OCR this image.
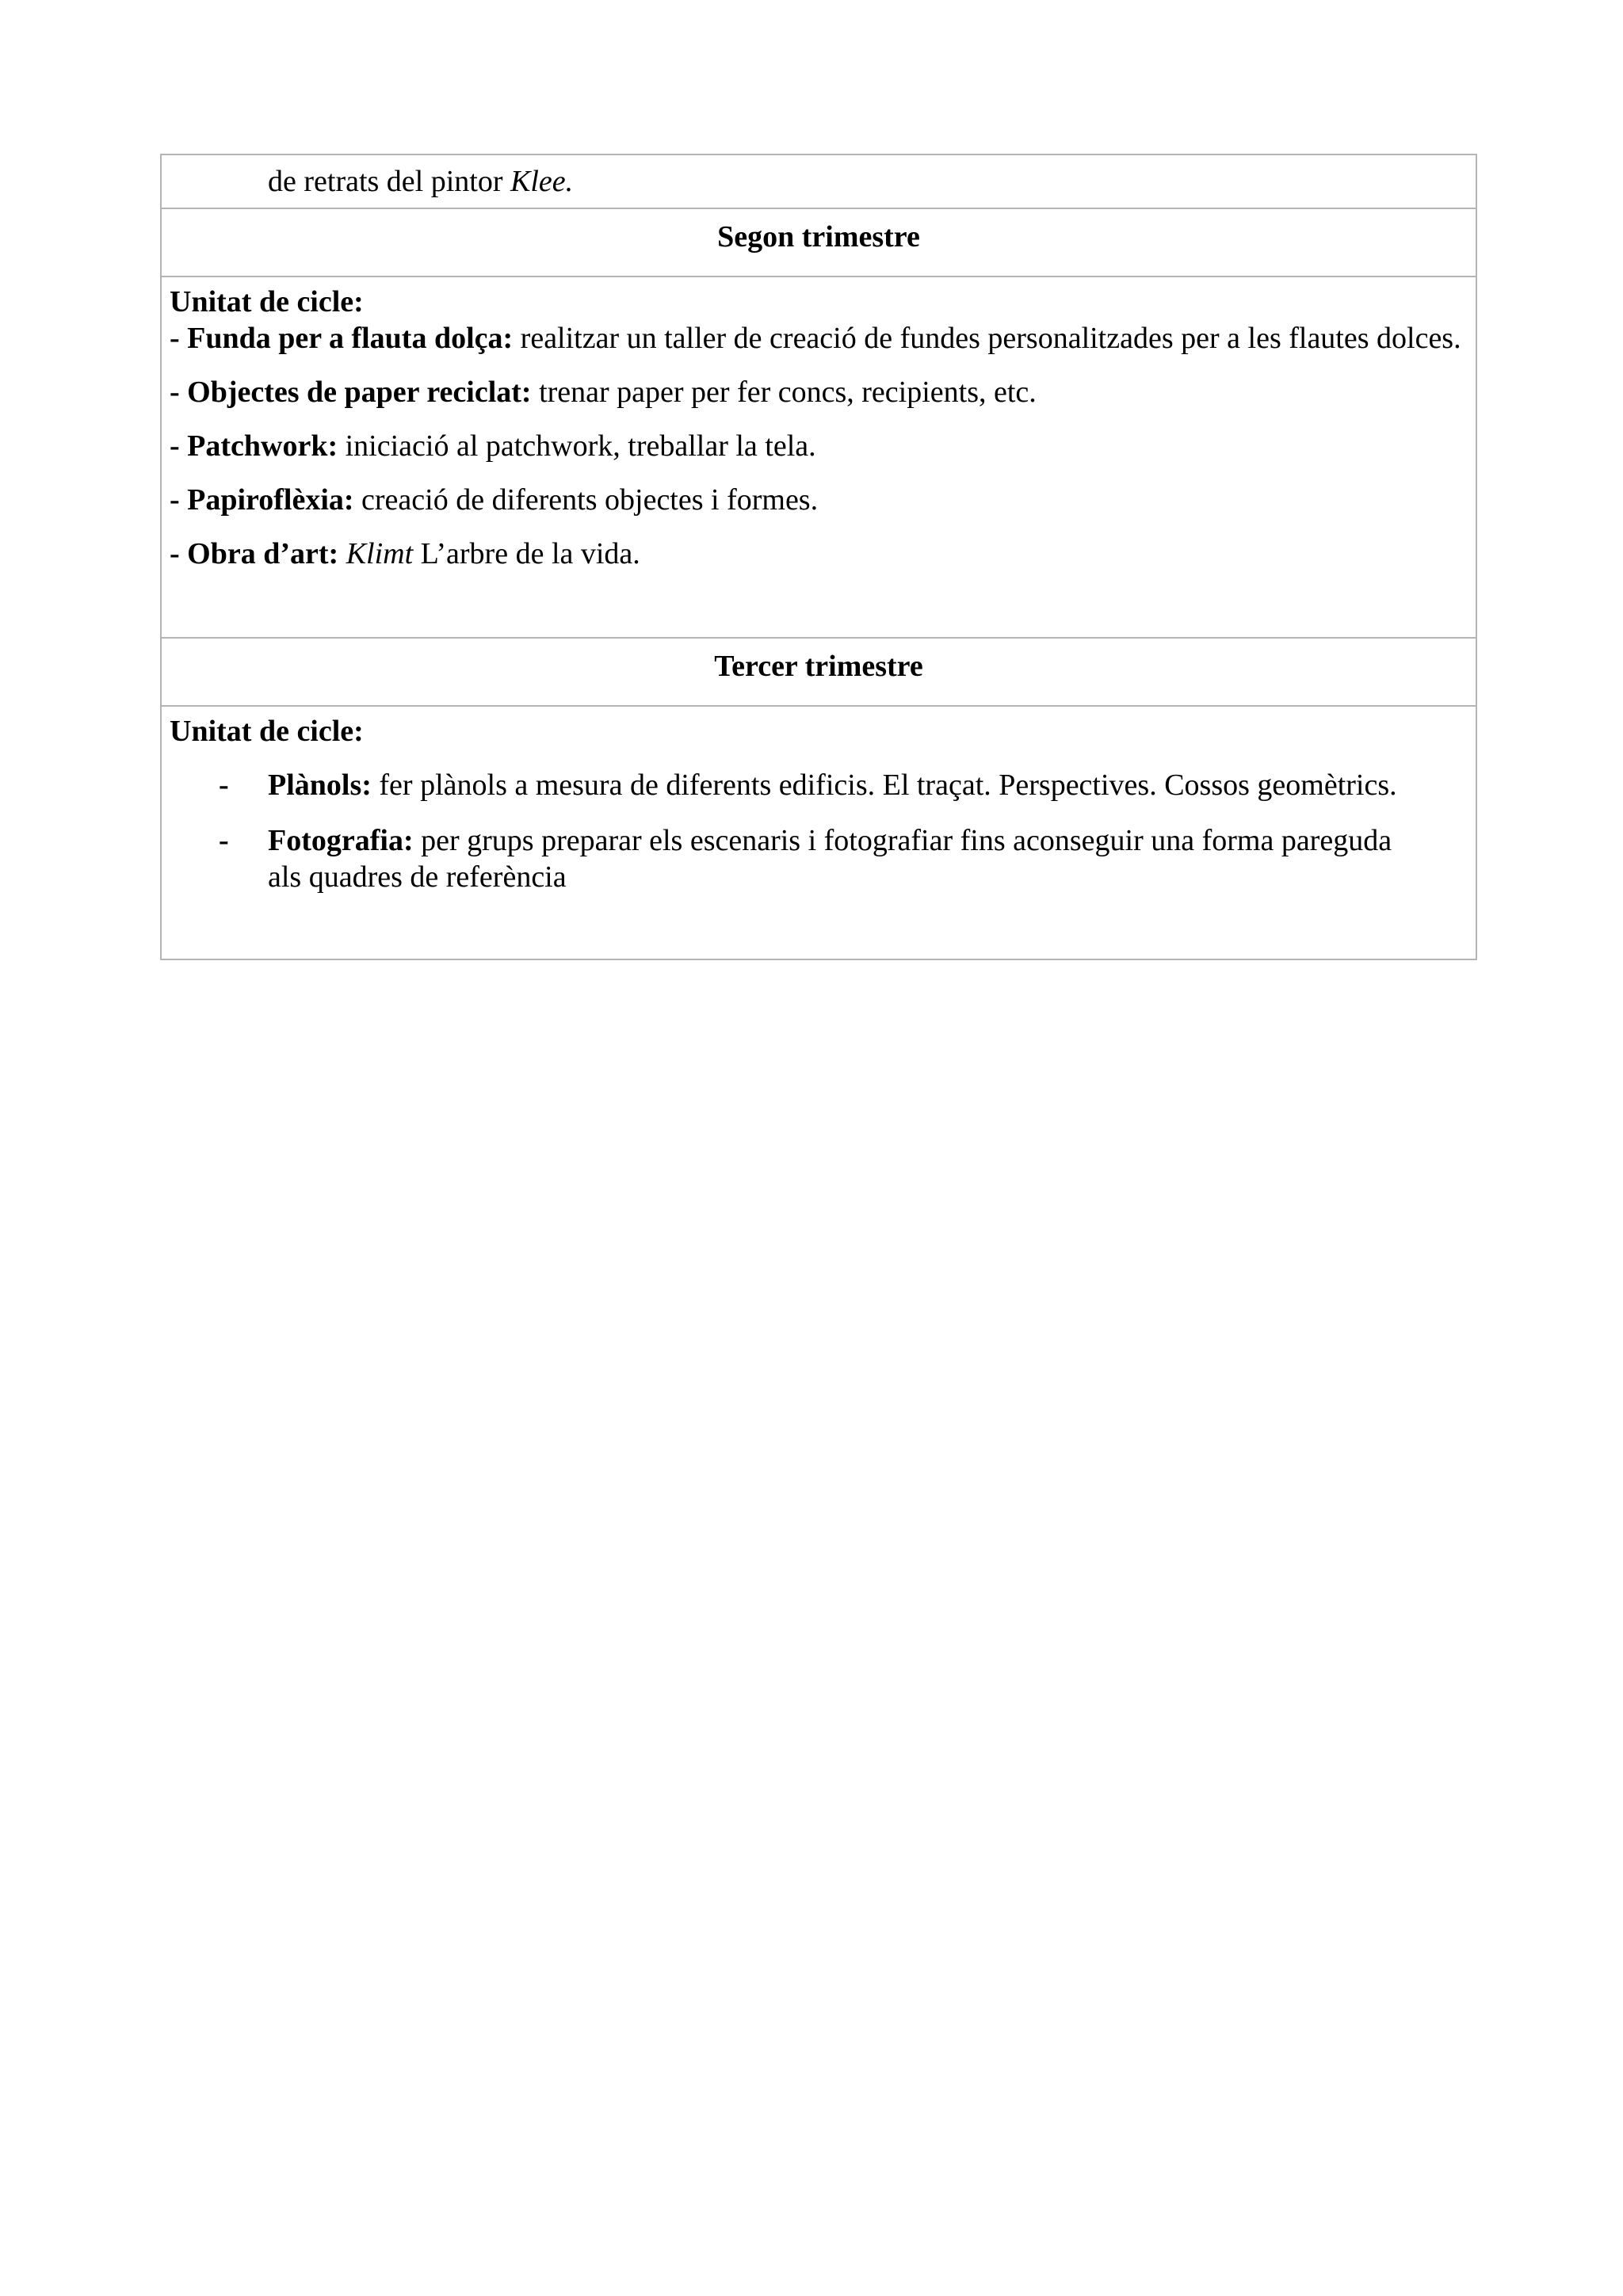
de retrats del pintor Klee.
Segon trimestre

Unitat de cicle:

- Funda per a flauta dolça: realitzar un taller de creació de fundes personalitzades per a les flautes dolces.

- Objectes de paper reciclat: trenar paper per fer concs, recipients, etc.

- Patchwork: iniciació al patchwork, treballar la tela.

- Papiroflèxia: creació de diferents objectes i formes.

- Obra d’art: Klimt L’arbre de la vida.

Tercer trimestre

Unitat de cicle:

- Plànols: fer plànols a mesura de diferents edificis. El traçat. Perspectives. Cossos geomètrics.

- Fotografia: per grups preparar els escenaris i fotografiar fins aconseguir una forma pareguda als quadres de referència
